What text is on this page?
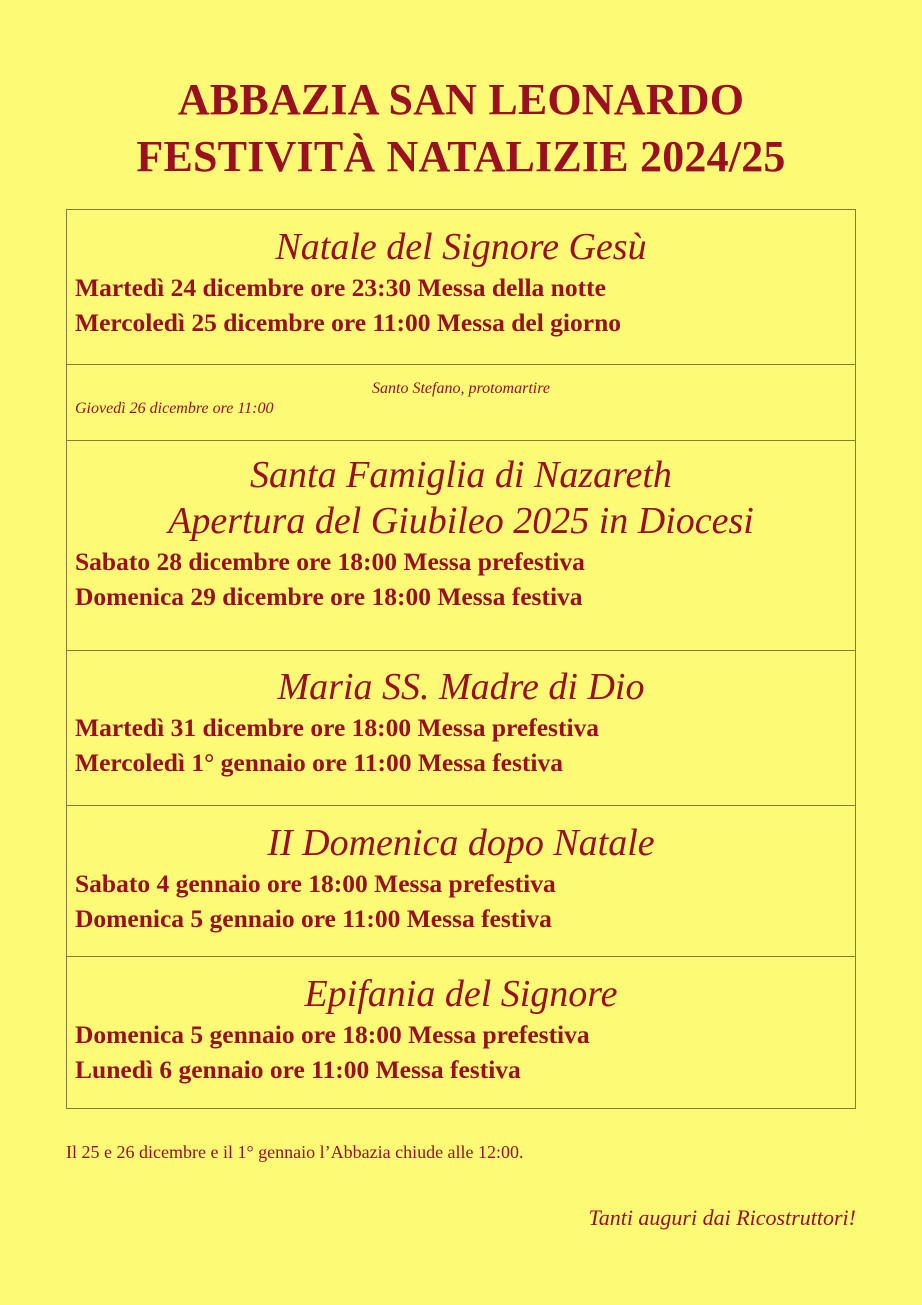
ABBAZIA SAN LEONARDO
FESTIVITÀ NATALIZIE 2024/25
Natale del Signore Gesù
Martedì 24 dicembre ore 23:30 Messa della notte
Mercoledì 25 dicembre ore 11:00 Messa del giorno
Santo Stefano, protomartire
Giovedì 26 dicembre ore 11:00
Santa Famiglia di Nazareth
Apertura del Giubileo 2025 in Diocesi
Sabato 28 dicembre ore 18:00 Messa prefestiva
Domenica 29 dicembre ore 18:00 Messa festiva
Maria SS. Madre di Dio
Martedì 31 dicembre ore 18:00 Messa prefestiva
Mercoledì 1° gennaio ore 11:00 Messa festiva
II Domenica dopo Natale
Sabato 4 gennaio ore 18:00 Messa prefestiva
Domenica 5 gennaio ore 11:00 Messa festiva
Epifania del Signore
Domenica 5 gennaio ore 18:00 Messa prefestiva
Lunedì 6 gennaio ore 11:00 Messa festiva
Il 25 e 26 dicembre e il 1° gennaio l’Abbazia chiude alle 12:00.
Tanti auguri dai Ricostruttori!
